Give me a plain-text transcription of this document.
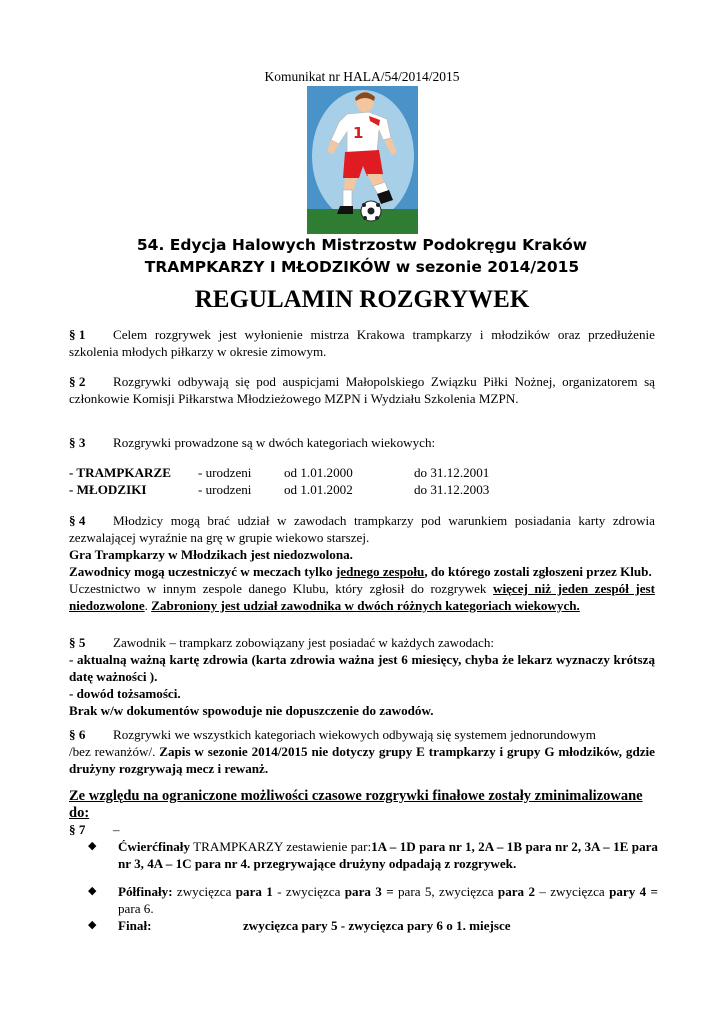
Komunikat nr HALA/54/2014/2015
1
54. Edycja Halowych Mistrzostw Podokręgu Kraków
TRAMPKARZY I MŁODZIKÓW w sezonie 2014/2015
REGULAMIN ROZGRYWEK
§ 1 Celem rozgrywek jest wyłonienie mistrza Krakowa trampkarzy i młodzików oraz przedłużenie szkolenia młodych piłkarzy w okresie zimowym.
§ 2 Rozgrywki odbywają się pod auspicjami Małopolskiego Związku Piłki Nożnej, organizatorem są członkowie Komisji Piłkarstwa Młodzieżowego MZPN i Wydziału Szkolenia MZPN.
§ 3 Rozgrywki prowadzone są w dwóch kategoriach wiekowych:
- TRAMPKARZE - urodzeni od 1.01.2000	do 31.12.2001
- MŁODZIKI	- urodzeni od 1.01.2002	do 31.12.2003
§ 4 Młodzicy mogą brać udział w zawodach trampkarzy pod warunkiem posiadania karty zdrowia zezwalającej wyraźnie na grę w grupie wiekowo starszej.
Gra Trampkarzy w Młodzikach jest niedozwolona.
Zawodnicy mogą uczestniczyć w meczach tylko jednego zespołu, do którego zostali zgłoszeni przez Klub.
Uczestnictwo w innym zespole danego Klubu, który zgłosił do rozgrywek więcej niż jeden zespół jest niedozwolone. Zabroniony jest udział zawodnika w dwóch różnych kategoriach wiekowych.
§ 5 Zawodnik – trampkarz zobowiązany jest posiadać w każdych zawodach:
- aktualną ważną kartę zdrowia (karta zdrowia ważna jest 6 miesięcy, chyba że lekarz wyznaczy krótszą datę ważności ).
- dowód tożsamości.
Brak w/w dokumentów spowoduje nie dopuszczenie do zawodów.
§ 6 Rozgrywki we wszystkich kategoriach wiekowych odbywają się systemem jednorundowym
/bez rewanżów/. Zapis w sezonie 2014/2015 nie dotyczy grupy E trampkarzy i grupy G młodzików, gdzie drużyny rozgrywają mecz i rewanż.
Ze względu na ograniczone możliwości czasowe rozgrywki finałowe zostały zminimalizowane do:
§ 7 –
◆ Ćwierćfinały TRAMPKARZY zestawienie par:1A – 1D para nr 1, 2A – 1B para nr 2, 3A – 1E para nr 3, 4A – 1C para nr 4. przegrywające drużyny odpadają z rozgrywek.
◆ Półfinały: zwycięzca para 1 - zwycięzca para 3 = para 5, zwycięzca para 2 – zwycięzca pary 4 = para 6.
◆ Finał:	zwycięzca pary 5 - zwycięzca pary 6 o 1. miejsce
